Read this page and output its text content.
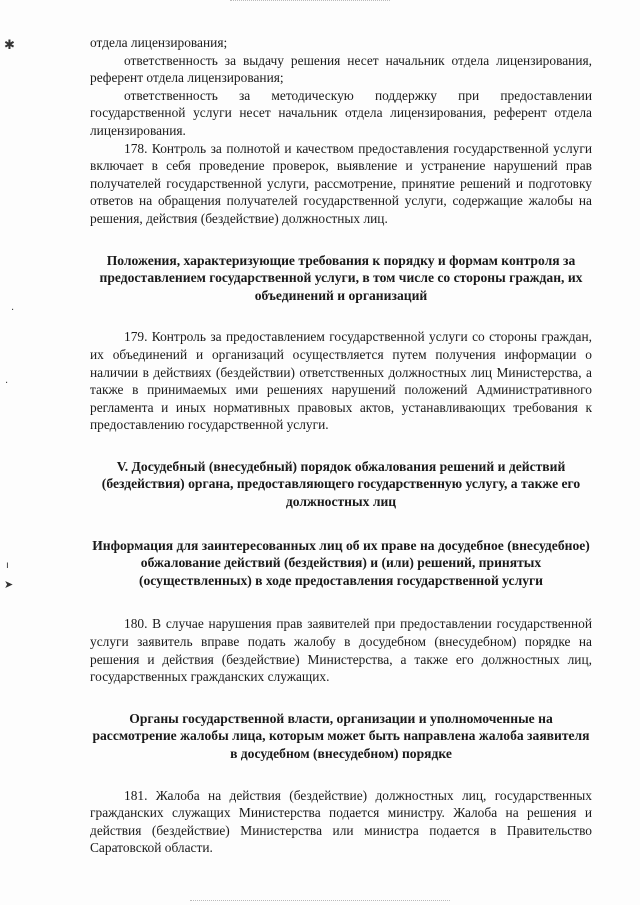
✱
·
·
ı
➤

отдела лицензирования;

ответственность за выдачу решения несет начальник отдела лицензирования, референт отдела лицензирования;

ответственность за методическую поддержку при предоставлении государственной услуги несет начальник отдела лицензирования, референт отдела лицензирования.

178. Контроль за полнотой и качеством предоставления государственной услуги включает в себя проведение проверок, выявление и устранение нарушений прав получателей государственной услуги, рассмотрение, принятие решений и подготовку ответов на обращения получателей государственной услуги, содержащие жалобы на решения, действия (бездействие) должностных лиц.

Положения, характеризующие требования к порядку и формам контроля за предоставлением государственной услуги, в том числе со стороны граждан, их объединений и организаций

179. Контроль за предоставлением государственной услуги со стороны граждан, их объединений и организаций осуществляется путем получения информации о наличии в действиях (бездействии) ответственных должностных лиц Министерства, а также в принимаемых ими решениях нарушений положений Административного регламента и иных нормативных правовых актов, устанавливающих требования к предоставлению государственной услуги.

V. Досудебный (внесудебный) порядок обжалования решений и действий (бездействия) органа, предоставляющего государственную услугу, а также его должностных лиц

Информация для заинтересованных лиц об их праве на досудебное (внесудебное) обжалование действий (бездействия) и (или) решений, принятых (осуществленных) в ходе предоставления государственной услуги

180. В случае нарушения прав заявителей при предоставлении государственной услуги заявитель вправе подать жалобу в досудебном (внесудебном) порядке на решения и действия (бездействие) Министерства, а также его должностных лиц, государственных гражданских служащих.

Органы государственной власти, организации и уполномоченные на рассмотрение жалобы лица, которым может быть направлена жалоба заявителя в досудебном (внесудебном) порядке

181. Жалоба на действия (бездействие) должностных лиц, государственных гражданских служащих Министерства подается министру. Жалоба на решения и действия (бездействие) Министерства или министра подается в Правительство Саратовской области.
